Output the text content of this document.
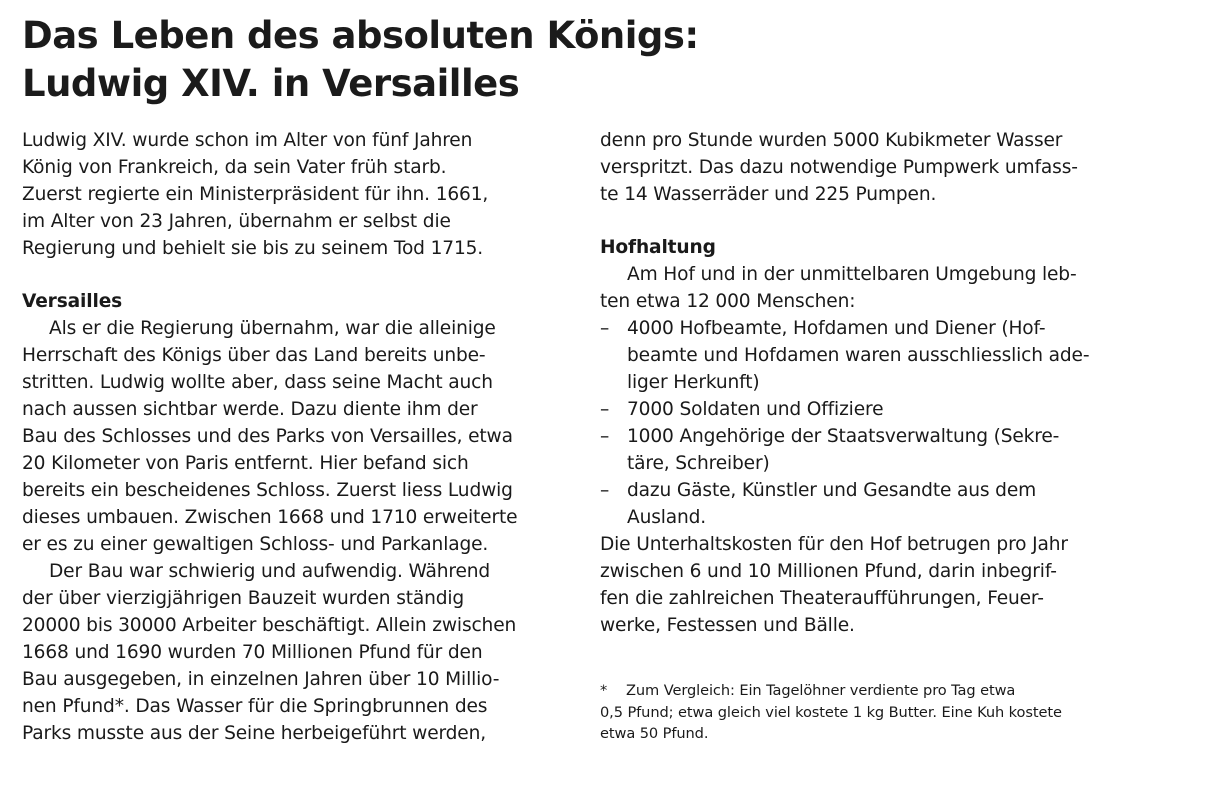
Das Leben des absoluten Königs:
Ludwig XIV. in Versailles
Ludwig XIV. wurde schon im Alter von fünf Jahren
König von Frankreich, da sein Vater früh starb.
Zuerst regierte ein Ministerpräsident für ihn. 1661,
im Alter von 23 Jahren, übernahm er selbst die
Regierung und behielt sie bis zu seinem Tod 1715.
Versailles
Als er die Regierung übernahm, war die alleinige
Herrschaft des Königs über das Land bereits unbe-
stritten. Ludwig wollte aber, dass seine Macht auch
nach aussen sichtbar werde. Dazu diente ihm der
Bau des Schlosses und des Parks von Versailles, etwa
20 Kilometer von Paris entfernt. Hier befand sich
bereits ein bescheidenes Schloss. Zuerst liess Ludwig
dieses umbauen. Zwischen 1668 und 1710 erweiterte
er es zu einer gewaltigen Schloss- und Parkanlage.
Der Bau war schwierig und aufwendig. Während
der über vierzigjährigen Bauzeit wurden ständig
20000 bis 30000 Arbeiter beschäftigt. Allein zwischen
1668 und 1690 wurden 70 Millionen Pfund für den
Bau ausgegeben, in einzelnen Jahren über 10 Millio-
nen Pfund*. Das Wasser für die Springbrunnen des
Parks musste aus der Seine herbeigeführt werden,
denn pro Stunde wurden 5000 Kubikmeter Wasser
verspritzt. Das dazu notwendige Pumpwerk umfass-
te 14 Wasserräder und 225 Pumpen.
Hofhaltung
Am Hof und in der unmittelbaren Umgebung leb-
ten etwa 12 000 Menschen:
– 4000 Hofbeamte, Hofdamen und Diener (Hof-
beamte und Hofdamen waren ausschliesslich ade-
liger Herkunft)
– 7000 Soldaten und Offiziere
– 1000 Angehörige der Staatsverwaltung (Sekre-
täre, Schreiber)
– dazu Gäste, Künstler und Gesandte aus dem
Ausland.
Die Unterhaltskosten für den Hof betrugen pro Jahr
zwischen 6 und 10 Millionen Pfund, darin inbegrif-
fen die zahlreichen Theateraufführungen, Feuer-
werke, Festessen und Bälle.
* Zum Vergleich: Ein Tagelöhner verdiente pro Tag etwa
0,5 Pfund; etwa gleich viel kostete 1 kg Butter. Eine Kuh kostete
etwa 50 Pfund.
